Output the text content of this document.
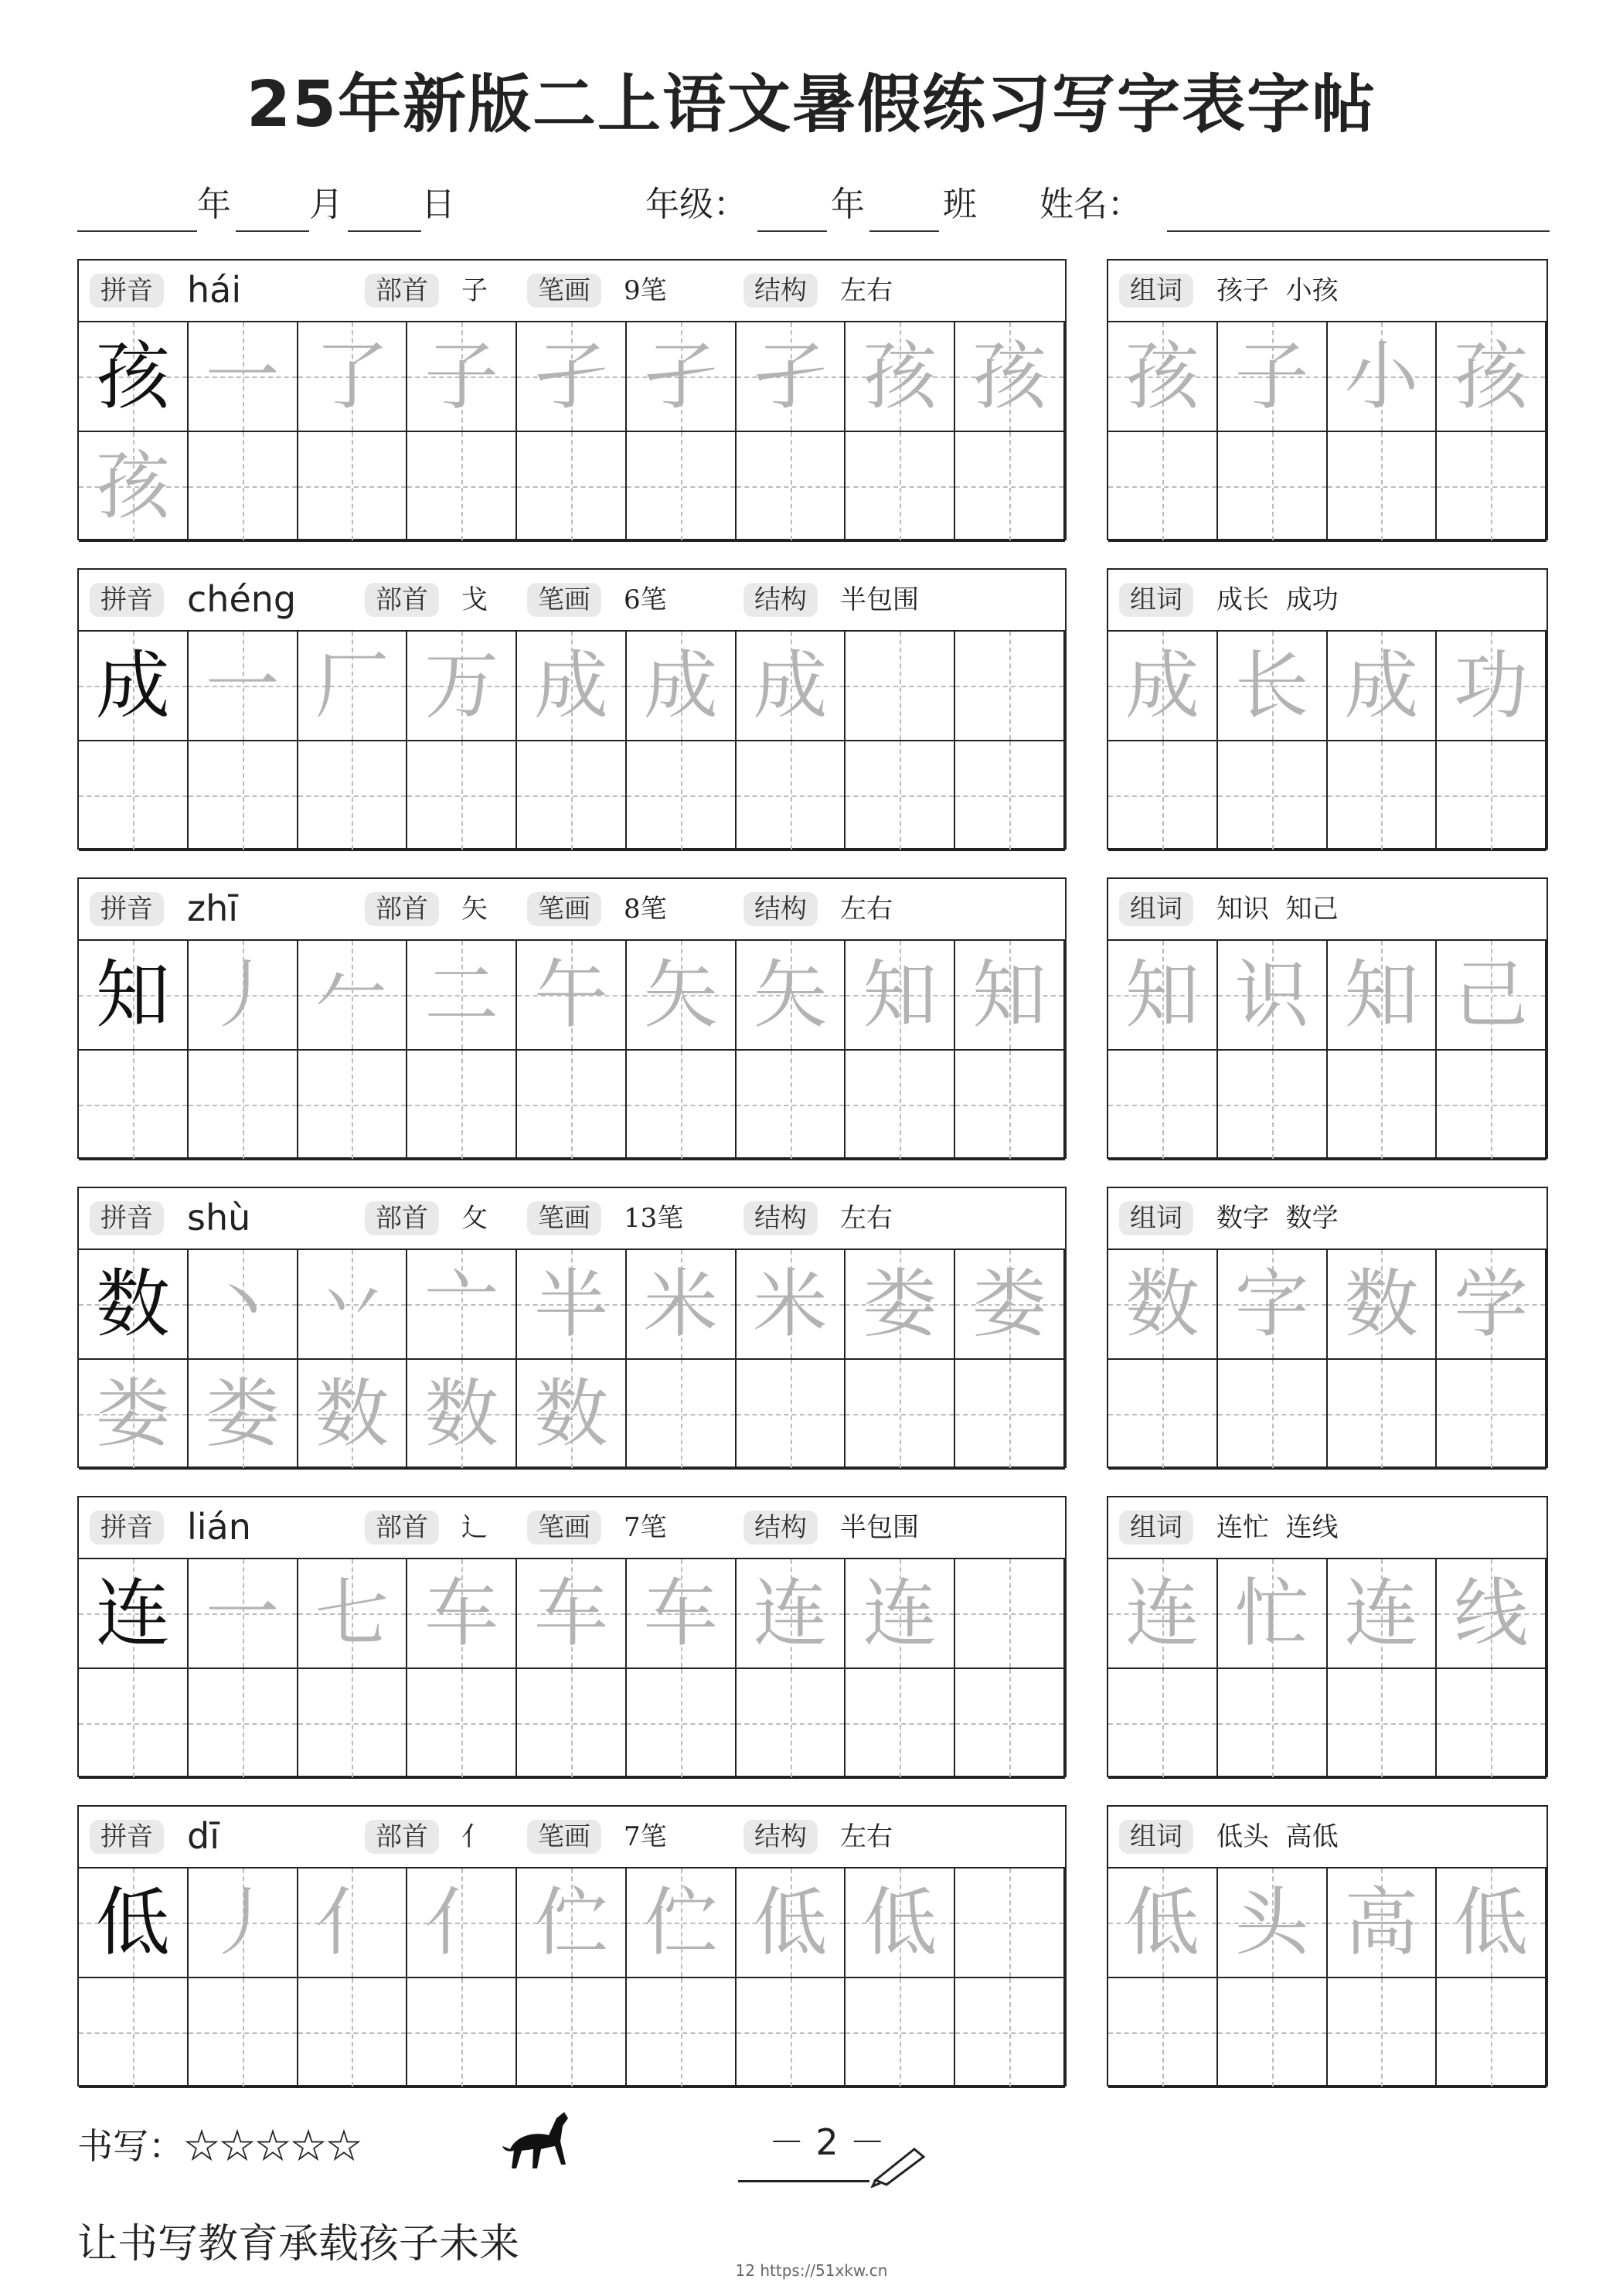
25年新版二上语文暑假练习写字表字帖
年 月 日	年级： 年 班 姓名：
拼音 hái	部首	子	笔画	9笔	结构	左右
孩 一 了 子 孑 孑 孑 孩 孩
孩
组词	孩子  小孩
孩 子 小 孩
拼音 chéng	部首	戈	笔画	6笔	结构	半包围
成 一 厂 万 成 成 成
组词	成长  成功
成 长 成 功
拼音 zhī	部首	矢	笔画	8笔	结构	左右
知 丿 𠂉 二 午 矢 矢 知 知
组词	知识  知己
知 识 知 己
拼音 shù	部首	攵	笔画	13笔	结构	左右
数 丶 丷 亠 半 米 米 娄 娄
娄 娄 数 数 数
组词	数字  数学
数 字 数 学
拼音 lián	部首	辶	笔画	7笔	结构	半包围
连 一 七 车 车 车 连 连
组词	连忙  连线
连 忙 连 线
拼音 dī	部首	亻	笔画	7笔	结构	左右
低 丿 亻 亻 伫 伫 低 低
组词	低头  高低
低 头 高 低
书写：☆☆☆☆☆	－ 2 －
让书写教育承载孩子未来
12 https://51xkw.cn
